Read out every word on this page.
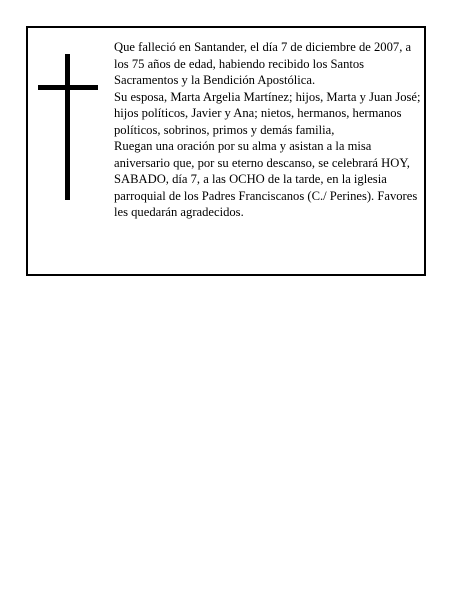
Que falleció en Santander, el día 7 de diciembre de 2007, a los 75 años de edad, habiendo recibido los Santos Sacramentos y la Bendición Apostólica.

Su esposa, Marta Argelia Martínez; hijos, Marta y Juan José; hijos políticos, Javier y Ana; nietos, hermanos, hermanos políticos, sobrinos, primos y demás familia,

Ruegan una oración por su alma y asistan a la misa aniversario que, por su eterno descanso, se celebrará HOY, SABADO, día 7, a las OCHO de la tarde, en la iglesia parroquial de los Padres Franciscanos (C./ Perines). Favores les quedarán agradecidos.
